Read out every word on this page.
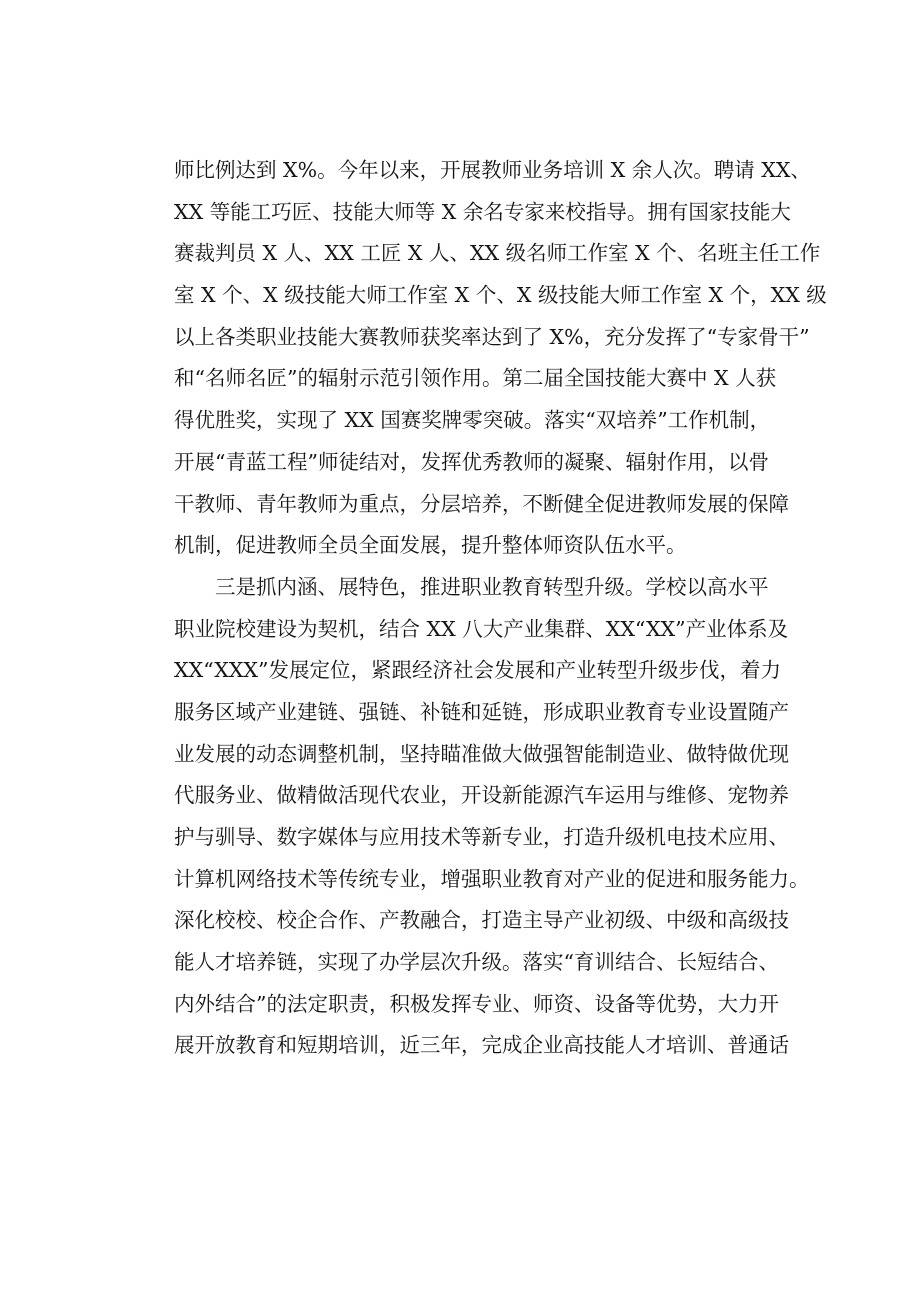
师比例达到 X%。今年以来，开展教师业务培训 X 余人次。聘请 XX、
XX 等能工巧匠、技能大师等 X 余名专家来校指导。拥有国家技能大
赛裁判员 X 人、XX 工匠 X 人、XX 级名师工作室 X 个、名班主任工作
室 X 个、X 级技能大师工作室 X 个、X 级技能大师工作室 X 个，XX 级
以上各类职业技能大赛教师获奖率达到了 X%，充分发挥了“专家骨干”
和“名师名匠”的辐射示范引领作用。第二届全国技能大赛中 X 人获
得优胜奖，实现了 XX 国赛奖牌零突破。落实“双培养”工作机制，
开展“青蓝工程”师徒结对，发挥优秀教师的凝聚、辐射作用，以骨
干教师、青年教师为重点，分层培养，不断健全促进教师发展的保障
机制，促进教师全员全面发展，提升整体师资队伍水平。
三是抓内涵、展特色，推进职业教育转型升级。学校以高水平
职业院校建设为契机，结合 XX 八大产业集群、XX“XX”产业体系及
XX“XXX”发展定位，紧跟经济社会发展和产业转型升级步伐，着力
服务区域产业建链、强链、补链和延链，形成职业教育专业设置随产
业发展的动态调整机制，坚持瞄准做大做强智能制造业、做特做优现
代服务业、做精做活现代农业，开设新能源汽车运用与维修、宠物养
护与驯导、数字媒体与应用技术等新专业，打造升级机电技术应用、
计算机网络技术等传统专业，增强职业教育对产业的促进和服务能力。
深化校校、校企合作、产教融合，打造主导产业初级、中级和高级技
能人才培养链，实现了办学层次升级。落实“育训结合、长短结合、
内外结合”的法定职责，积极发挥专业、师资、设备等优势，大力开
展开放教育和短期培训，近三年，完成企业高技能人才培训、普通话
